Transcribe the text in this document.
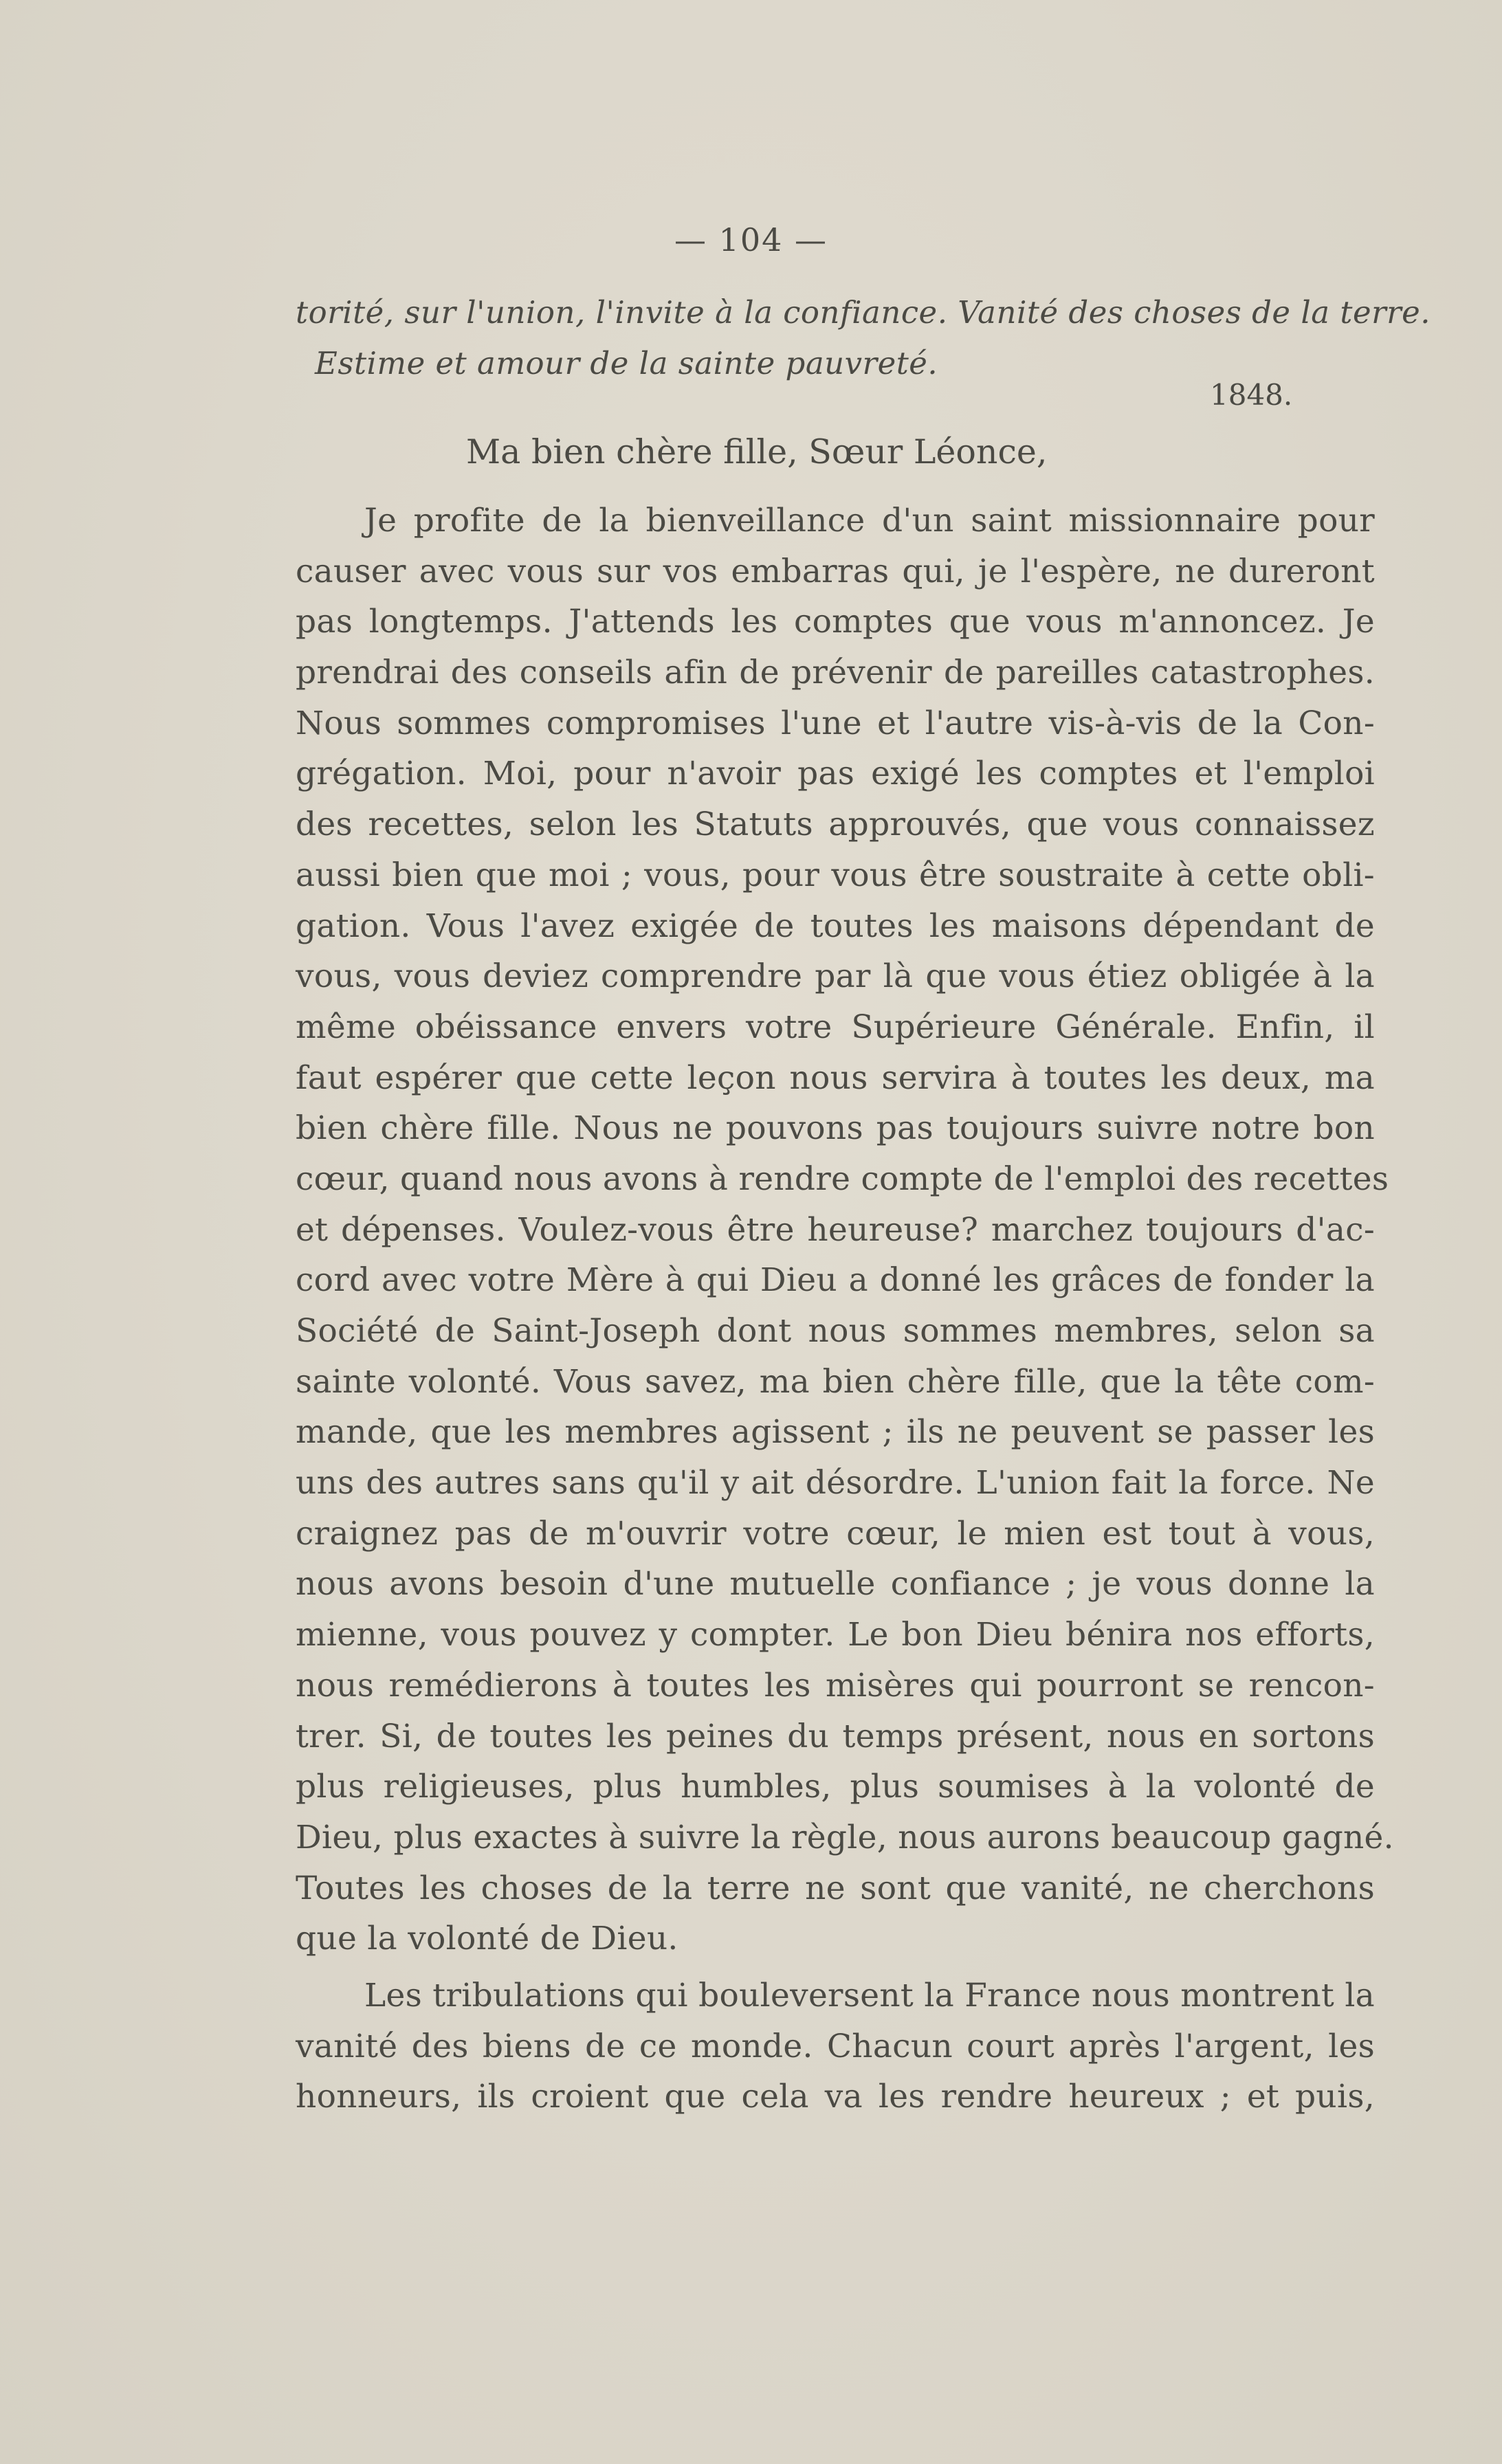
— 104 —
torité, sur l'union, l'invite à la confiance. Vanité des choses de la terre.
Estime et amour de la sainte pauvreté.
1848.
Ma bien chère fille, Sœur Léonce,
Je profite de la bienveillance d'un saint missionnaire pour
causer avec vous sur vos embarras qui, je l'espère, ne dureront
pas longtemps. J'attends les comptes que vous m'annoncez. Je
prendrai des conseils afin de prévenir de pareilles catastrophes.
Nous sommes compromises l'une et l'autre vis-à-vis de la Con-
grégation. Moi, pour n'avoir pas exigé les comptes et l'emploi
des recettes, selon les Statuts approuvés, que vous connaissez
aussi bien que moi ; vous, pour vous être soustraite à cette obli-
gation. Vous l'avez exigée de toutes les maisons dépendant de
vous, vous deviez comprendre par là que vous étiez obligée à la
même obéissance envers votre Supérieure Générale. Enfin, il
faut espérer que cette leçon nous servira à toutes les deux, ma
bien chère fille. Nous ne pouvons pas toujours suivre notre bon
cœur, quand nous avons à rendre compte de l'emploi des recettes
et dépenses. Voulez-vous être heureuse? marchez toujours d'ac-
cord avec votre Mère à qui Dieu a donné les grâces de fonder la
Société de Saint-Joseph dont nous sommes membres, selon sa
sainte volonté. Vous savez, ma bien chère fille, que la tête com-
mande, que les membres agissent ; ils ne peuvent se passer les
uns des autres sans qu'il y ait désordre. L'union fait la force. Ne
craignez pas de m'ouvrir votre cœur, le mien est tout à vous,
nous avons besoin d'une mutuelle confiance ; je vous donne la
mienne, vous pouvez y compter. Le bon Dieu bénira nos efforts,
nous remédierons à toutes les misères qui pourront se rencon-
trer. Si, de toutes les peines du temps présent, nous en sortons
plus religieuses, plus humbles, plus soumises à la volonté de
Dieu, plus exactes à suivre la règle, nous aurons beaucoup gagné.
Toutes les choses de la terre ne sont que vanité, ne cherchons
que la volonté de Dieu.
Les tribulations qui bouleversent la France nous montrent la
vanité des biens de ce monde. Chacun court après l'argent, les
honneurs, ils croient que cela va les rendre heureux ; et puis,
